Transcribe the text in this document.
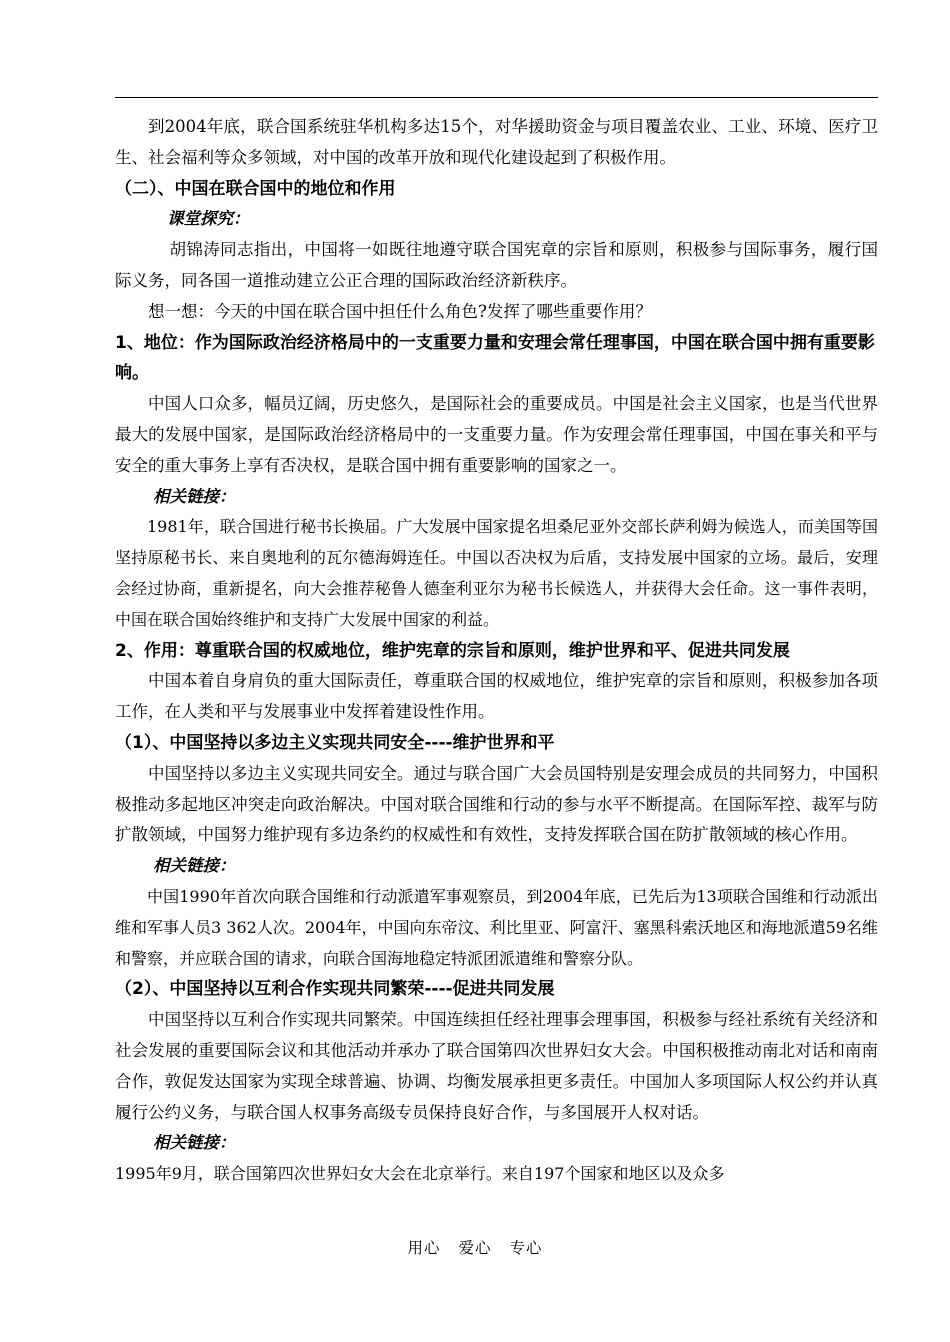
到2004年底，联合国系统驻华机构多达15个，对华援助资金与项目覆盖农业、工业、环境、医疗卫生、社会福利等众多领域，对中国的改革开放和现代化建设起到了积极作用。

（二）、中国在联合国中的地位和作用

课堂探究：

胡锦涛同志指出，中国将一如既往地遵守联合国宪章的宗旨和原则，积极参与国际事务，履行国际义务，同各国一道推动建立公正合理的国际政治经济新秩序。

想一想：今天的中国在联合国中担任什么角色?发挥了哪些重要作用？

1、地位：作为国际政治经济格局中的一支重要力量和安理会常任理事国，中国在联合国中拥有重要影响。

中国人口众多，幅员辽阔，历史悠久，是国际社会的重要成员。中国是社会主义国家，也是当代世界最大的发展中国家，是国际政治经济格局中的一支重要力量。作为安理会常任理事国，中国在事关和平与安全的重大事务上享有否决权，是联合国中拥有重要影响的国家之一。

相关链接：

1981年，联合国进行秘书长换届。广大发展中国家提名坦桑尼亚外交部长萨利姆为候选人，而美国等国坚持原秘书长、来自奥地利的瓦尔德海姆连任。中国以否决权为后盾，支持发展中国家的立场。最后，安理会经过协商，重新提名，向大会推荐秘鲁人德奎利亚尔为秘书长候选人，并获得大会任命。这一事件表明，中国在联合国始终维护和支持广大发展中国家的利益。

2、作用：尊重联合国的权威地位，维护宪章的宗旨和原则，维护世界和平、促进共同发展

中国本着自身肩负的重大国际责任，尊重联合国的权威地位，维护宪章的宗旨和原则，积极参加各项工作，在人类和平与发展事业中发挥着建设性作用。

（1）、中国坚持以多边主义实现共同安全----维护世界和平

中国坚持以多边主义实现共同安全。通过与联合国广大会员国特别是安理会成员的共同努力，中国积极推动多起地区冲突走向政治解决。中国对联合国维和行动的参与水平不断提高。在国际军控、裁军与防扩散领域，中国努力维护现有多边条约的权威性和有效性，支持发挥联合国在防扩散领域的核心作用。

相关链接：

中国1990年首次向联合国维和行动派遣军事观察员，到2004年底，已先后为13项联合国维和行动派出维和军事人员3 362人次。2004年，中国向东帝汶、利比里亚、阿富汗、塞黑科索沃地区和海地派遣59名维和警察，并应联合国的请求，向联合国海地稳定特派团派遣维和警察分队。

（2）、中国坚持以互利合作实现共同繁荣----促进共同发展

中国坚持以互利合作实现共同繁荣。中国连续担任经社理事会理事国，积极参与经社系统有关经济和社会发展的重要国际会议和其他活动并承办了联合国第四次世界妇女大会。中国积极推动南北对话和南南合作，敦促发达国家为实现全球普遍、协调、均衡发展承担更多责任。中国加人多项国际人权公约并认真履行公约义务，与联合国人权事务高级专员保持良好合作，与多国展开人权对话。

相关链接：

1995年9月，联合国第四次世界妇女大会在北京举行。来自197个国家和地区以及众多

用心 爱心 专心
